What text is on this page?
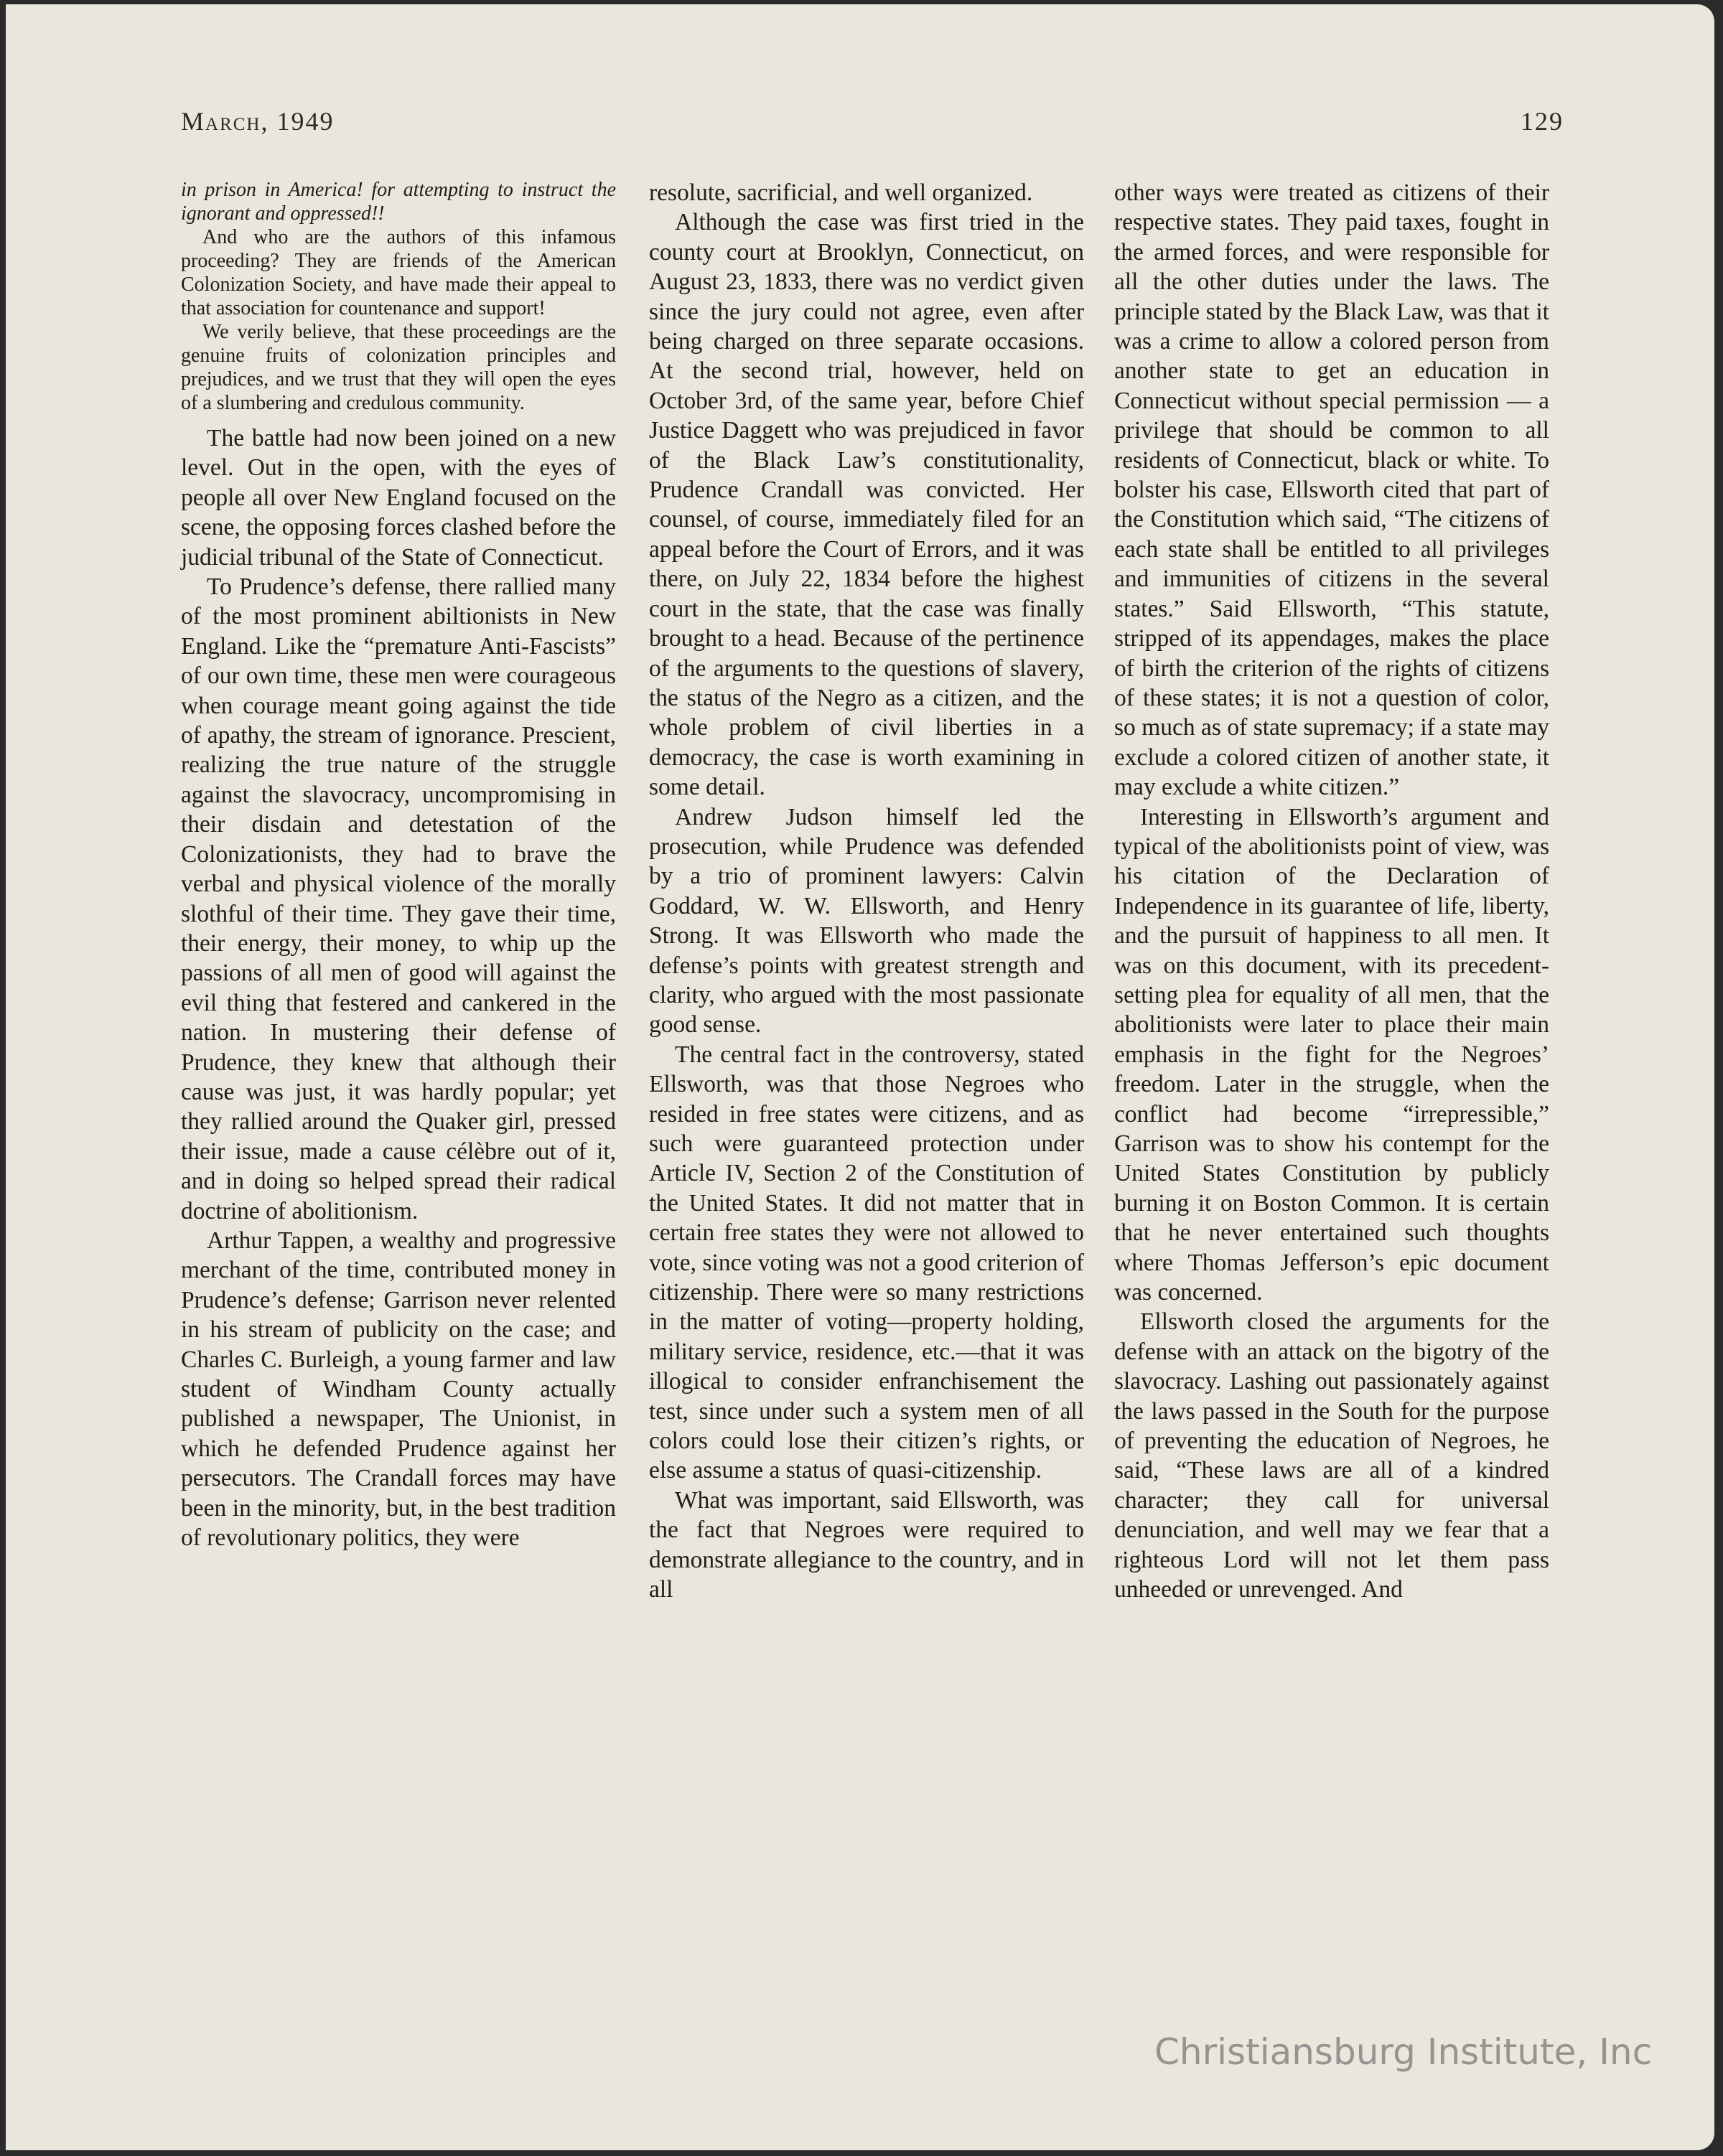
March, 1949	129

in prison in America! for attempting to instruct the ignorant and oppressed!!

And who are the authors of this infamous proceeding? They are friends of the American Colonization Society, and have made their appeal to that association for countenance and support!

We verily believe, that these proceedings are the genuine fruits of colonization principles and prejudices, and we trust that they will open the eyes of a slumbering and credulous community.

The battle had now been joined on a new level. Out in the open, with the eyes of people all over New England focused on the scene, the opposing forces clashed before the judicial tribunal of the State of Connecticut.

To Prudence’s defense, there rallied many of the most prominent abiltionists in New England. Like the “premature Anti-Fascists” of our own time, these men were courageous when courage meant going against the tide of apathy, the stream of ignorance. Prescient, realizing the true nature of the struggle against the slavocracy, uncompromising in their disdain and detestation of the Colonizationists, they had to brave the verbal and physical violence of the morally slothful of their time. They gave their time, their energy, their money, to whip up the passions of all men of good will against the evil thing that festered and cankered in the nation. In mustering their defense of Prudence, they knew that although their cause was just, it was hardly popular; yet they rallied around the Quaker girl, pressed their issue, made a cause célèbre out of it, and in doing so helped spread their radical doctrine of abolitionism.

Arthur Tappen, a wealthy and progressive merchant of the time, contributed money in Prudence’s defense; Garrison never relented in his stream of publicity on the case; and Charles C. Burleigh, a young farmer and law student of Windham County actually published a newspaper, The Unionist, in which he defended Prudence against her persecutors. The Crandall forces may have been in the minority, but, in the best tradition of revolutionary politics, they were

resolute, sacrificial, and well organized.

Although the case was first tried in the county court at Brooklyn, Connecticut, on August 23, 1833, there was no verdict given since the jury could not agree, even after being charged on three separate occasions. At the second trial, however, held on October 3rd, of the same year, before Chief Justice Daggett who was prejudiced in favor of the Black Law’s constitutionality, Prudence Crandall was convicted. Her counsel, of course, immediately filed for an appeal before the Court of Errors, and it was there, on July 22, 1834 before the highest court in the state, that the case was finally brought to a head. Because of the pertinence of the arguments to the questions of slavery, the status of the Negro as a citizen, and the whole problem of civil liberties in a democracy, the case is worth examining in some detail.

Andrew Judson himself led the prosecution, while Prudence was defended by a trio of prominent lawyers: Calvin Goddard, W. W. Ellsworth, and Henry Strong. It was Ellsworth who made the defense’s points with greatest strength and clarity, who argued with the most passionate good sense.

The central fact in the controversy, stated Ellsworth, was that those Negroes who resided in free states were citizens, and as such were guaranteed protection under Article IV, Section 2 of the Constitution of the United States. It did not matter that in certain free states they were not allowed to vote, since voting was not a good criterion of citizenship. There were so many restrictions in the matter of voting—property holding, military service, residence, etc.—that it was illogical to consider enfranchisement the test, since under such a system men of all colors could lose their citizen’s rights, or else assume a status of quasi-citizenship.

What was important, said Ellsworth, was the fact that Negroes were required to demonstrate allegiance to the country, and in all

other ways were treated as citizens of their respective states. They paid taxes, fought in the armed forces, and were responsible for all the other duties under the laws. The principle stated by the Black Law, was that it was a crime to allow a colored person from another state to get an education in Connecticut without special permission — a privilege that should be common to all residents of Connecticut, black or white. To bolster his case, Ellsworth cited that part of the Constitution which said, “The citizens of each state shall be entitled to all privileges and immunities of citizens in the several states.” Said Ellsworth, “This statute, stripped of its appendages, makes the place of birth the criterion of the rights of citizens of these states; it is not a question of color, so much as of state supremacy; if a state may exclude a colored citizen of another state, it may exclude a white citizen.”

Interesting in Ellsworth’s argument and typical of the abolitionists point of view, was his citation of the Declaration of Independence in its guarantee of life, liberty, and the pursuit of happiness to all men. It was on this document, with its precedent-setting plea for equality of all men, that the abolitionists were later to place their main emphasis in the fight for the Negroes’ freedom. Later in the struggle, when the conflict had become “irrepressible,” Garrison was to show his contempt for the United States Constitution by publicly burning it on Boston Common. It is certain that he never entertained such thoughts where Thomas Jefferson’s epic document was concerned.

Ellsworth closed the arguments for the defense with an attack on the bigotry of the slavocracy. Lashing out passionately against the laws passed in the South for the purpose of preventing the education of Negroes, he said, “These laws are all of a kindred character; they call for universal denunciation, and well may we fear that a righteous Lord will not let them pass unheeded or unrevenged. And

Christiansburg Institute, Inc
